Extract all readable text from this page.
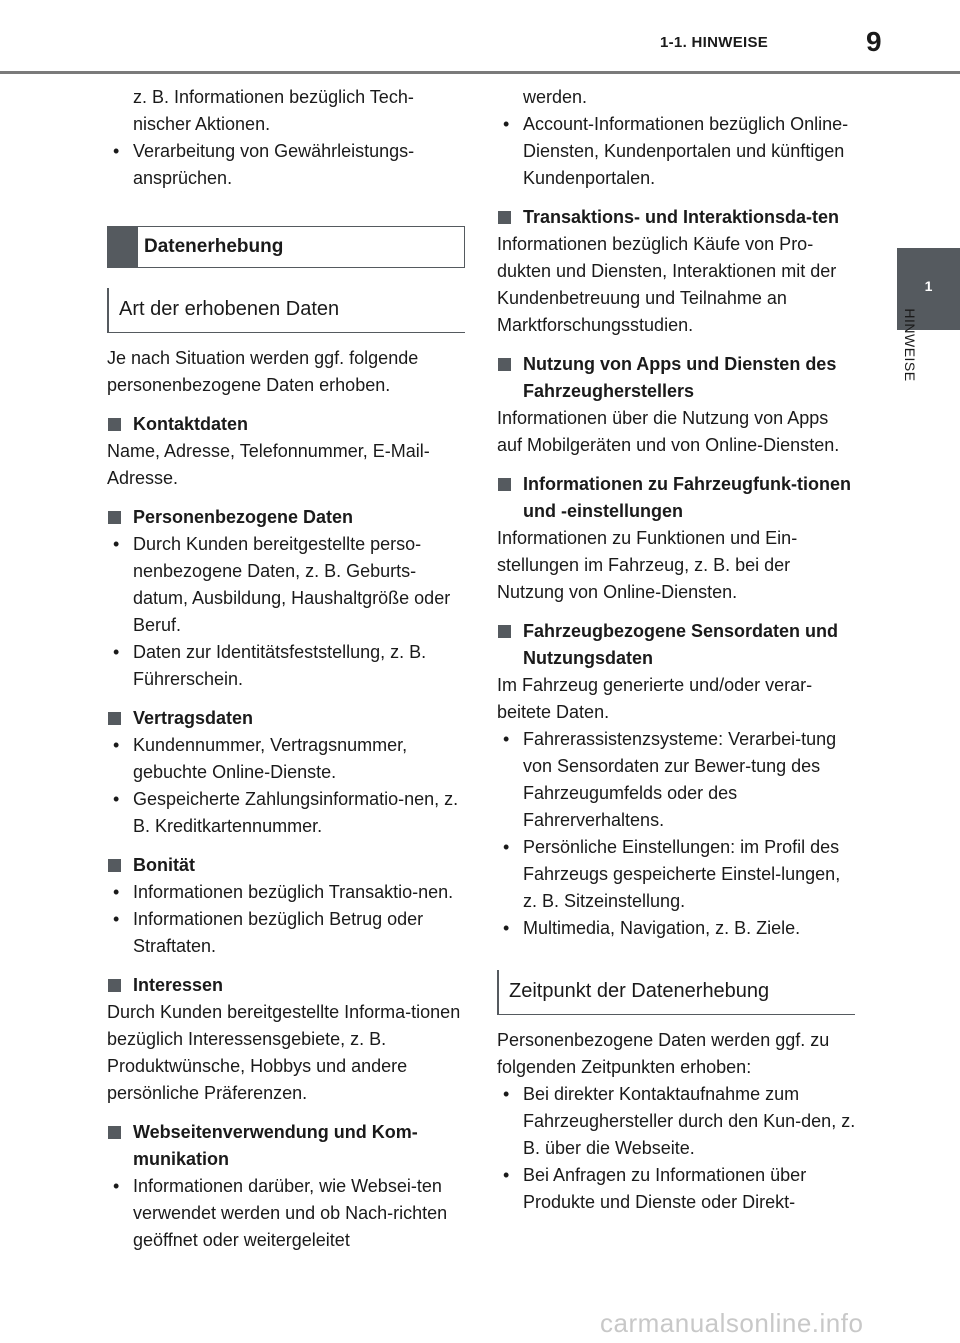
1-1. HINWEISE	9
1
HINWEISE

z. B. Informationen bezüglich Tech-nischer Aktionen.

• Verarbeitung von Gewährleistungs-ansprüchen.
Datenerhebung
Art der erhobenen Daten

Je nach Situation werden ggf. folgende personenbezogene Daten erhoben.

Kontaktdaten

Name, Adresse, Telefonnummer, E-Mail-Adresse.

Personenbezogene Daten
• Durch Kunden bereitgestellte perso-nenbezogene Daten, z. B. Geburts-datum, Ausbildung, Haushaltgröße oder Beruf.
• Daten zur Identitätsfeststellung, z. B. Führerschein.
Vertragsdaten
• Kundennummer, Vertragsnummer, gebuchte Online-Dienste.
• Gespeicherte Zahlungsinformatio-nen, z. B. Kreditkartennummer.
Bonität
• Informationen bezüglich Transaktio-nen.
• Informationen bezüglich Betrug oder Straftaten.
Interessen

Durch Kunden bereitgestellte Informa-tionen bezüglich Interessensgebiete, z. B. Produktwünsche, Hobbys und andere persönliche Präferenzen.

Webseitenverwendung und Kom-munikation
• Informationen darüber, wie Websei-ten verwendet werden und ob Nach-richten geöffnet oder weitergeleitet

werden.

• Account-Informationen bezüglich Online-Diensten, Kundenportalen und künftigen Kundenportalen.
Transaktions- und Interaktionsda-ten

Informationen bezüglich Käufe von Pro-dukten und Diensten, Interaktionen mit der Kundenbetreuung und Teilnahme an Marktforschungsstudien.

Nutzung von Apps und Diensten des Fahrzeugherstellers

Informationen über die Nutzung von Apps auf Mobilgeräten und von Online-Diensten.

Informationen zu Fahrzeugfunk-tionen und -einstellungen

Informationen zu Funktionen und Ein-stellungen im Fahrzeug, z. B. bei der Nutzung von Online-Diensten.

Fahrzeugbezogene Sensordaten und Nutzungsdaten

Im Fahrzeug generierte und/oder verar-beitete Daten.

• Fahrerassistenzsysteme: Verarbei-tung von Sensordaten zur Bewer-tung des Fahrzeugumfelds oder des Fahrerverhaltens.
• Persönliche Einstellungen: im Profil des Fahrzeugs gespeicherte Einstel-lungen, z. B. Sitzeinstellung.
• Multimedia, Navigation, z. B. Ziele.
Zeitpunkt der Datenerhebung

Personenbezogene Daten werden ggf. zu folgenden Zeitpunkten erhoben:

• Bei direkter Kontaktaufnahme zum Fahrzeughersteller durch den Kun-den, z. B. über die Webseite.
• Bei Anfragen zu Informationen über Produkte und Dienste oder Direkt-
carmanualsonline.info
